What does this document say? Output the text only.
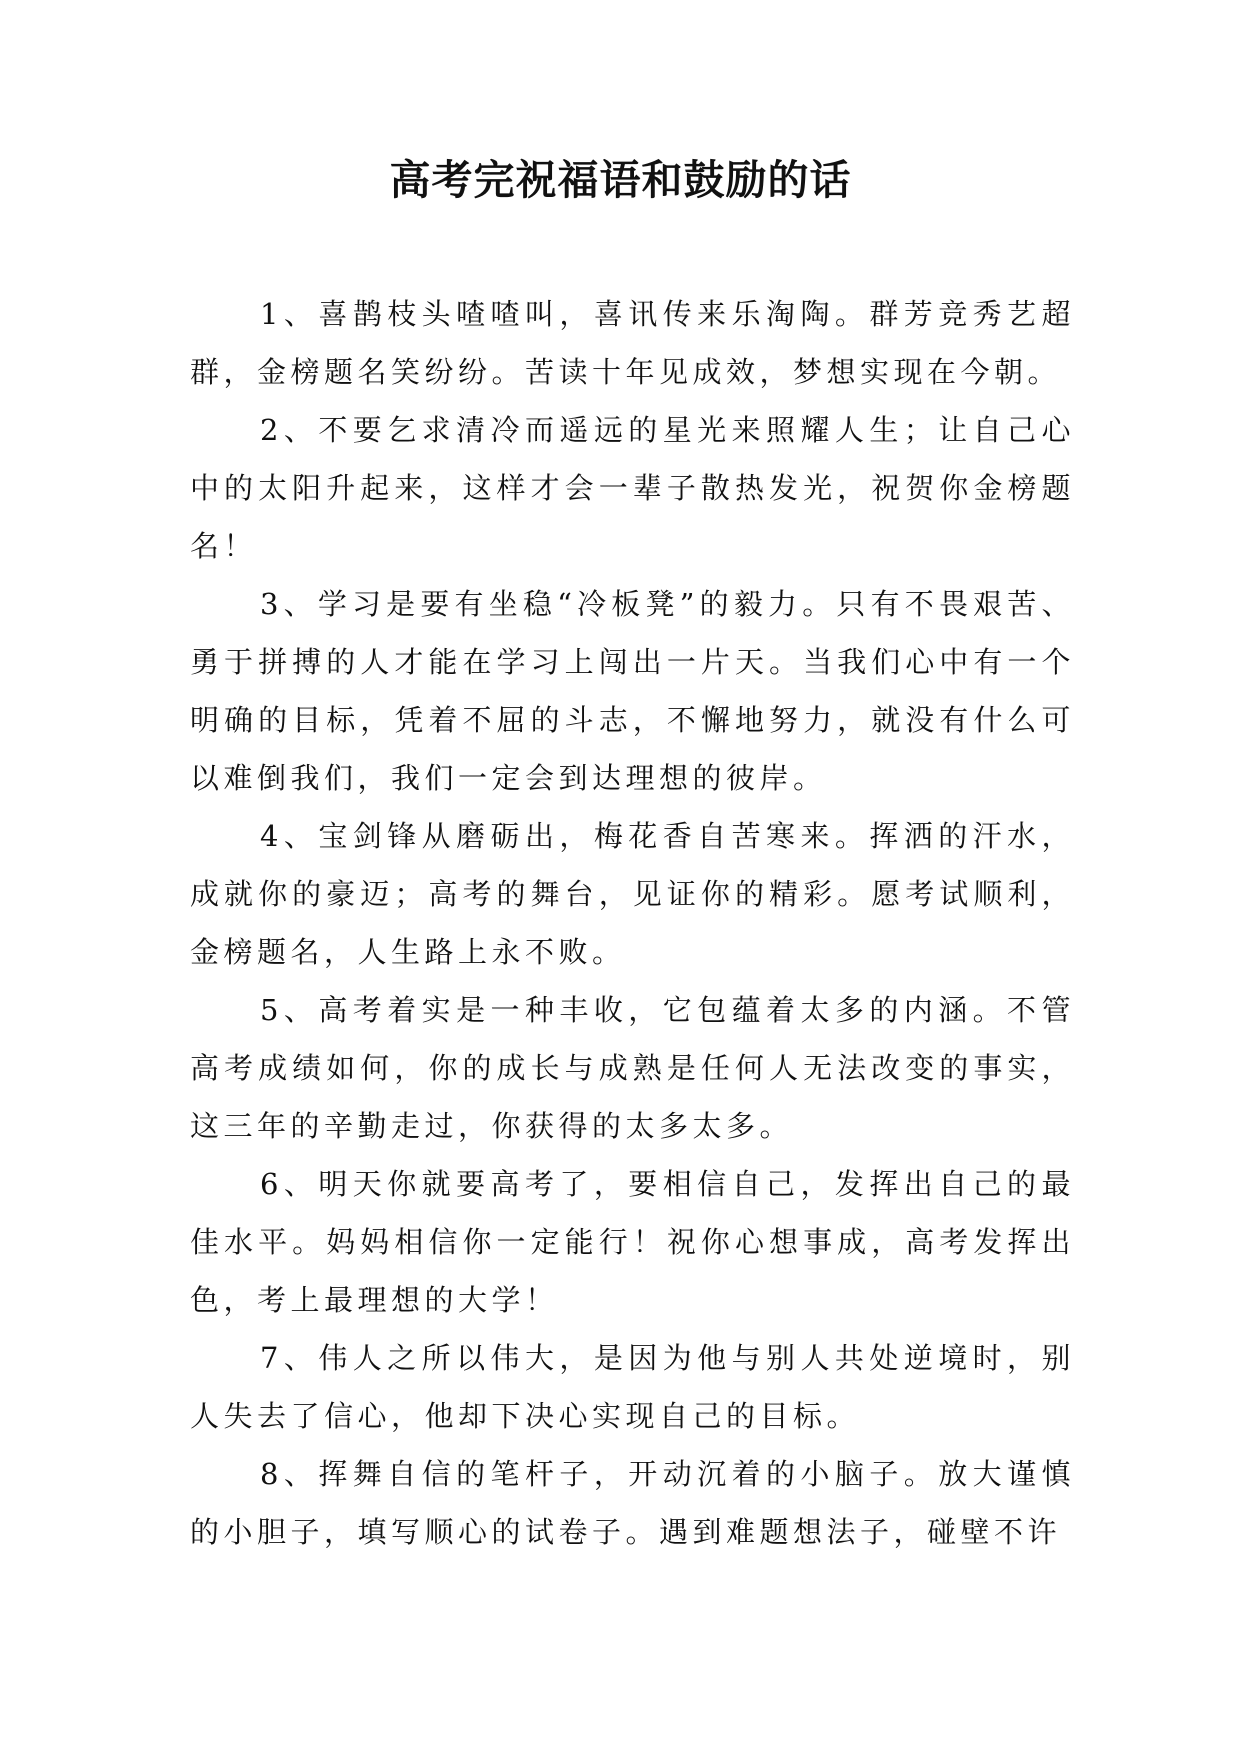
高考完祝福语和鼓励的话

1、喜鹊枝头喳喳叫，喜讯传来乐淘陶。群芳竞秀艺超群，金榜题名笑纷纷。苦读十年见成效，梦想实现在今朝。

2、不要乞求清冷而遥远的星光来照耀人生；让自己心中的太阳升起来，这样才会一辈子散热发光，祝贺你金榜题名！

3、学习是要有坐稳“冷板凳”的毅力。只有不畏艰苦、勇于拼搏的人才能在学习上闯出一片天。当我们心中有一个明确的目标，凭着不屈的斗志，不懈地努力，就没有什么可以难倒我们，我们一定会到达理想的彼岸。

4、宝剑锋从磨砺出，梅花香自苦寒来。挥洒的汗水，成就你的豪迈；高考的舞台，见证你的精彩。愿考试顺利，金榜题名，人生路上永不败。

5、高考着实是一种丰收，它包蕴着太多的内涵。不管高考成绩如何，你的成长与成熟是任何人无法改变的事实，这三年的辛勤走过，你获得的太多太多。

6、明天你就要高考了，要相信自己，发挥出自己的最佳水平。妈妈相信你一定能行！祝你心想事成，高考发挥出色，考上最理想的大学！

7、伟人之所以伟大，是因为他与别人共处逆境时，别人失去了信心，他却下决心实现自己的目标。

8、挥舞自信的笔杆子，开动沉着的小脑子。放大谨慎的小胆子，填写顺心的试卷子。遇到难题想法子，碰壁不许
